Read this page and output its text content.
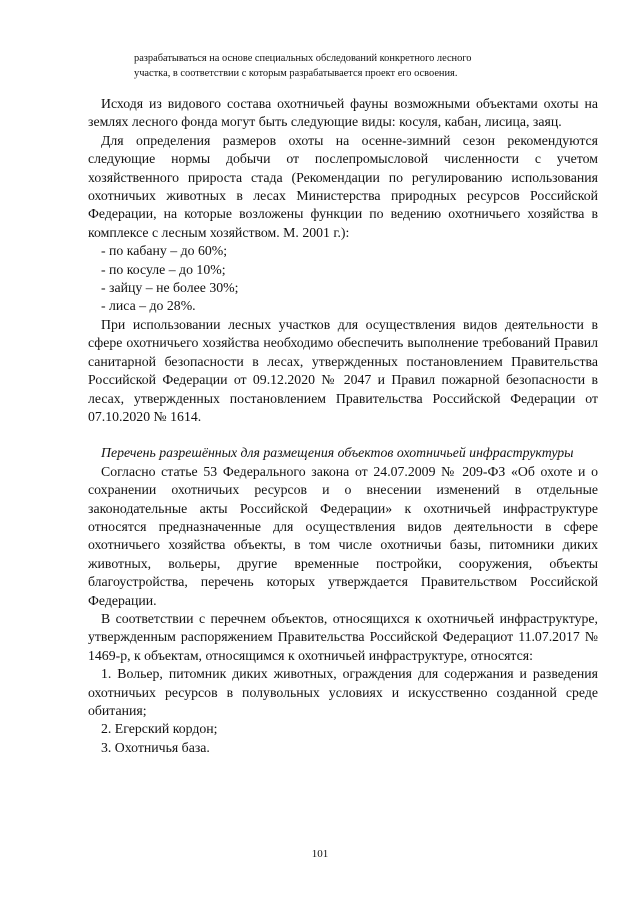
разрабатываться на основе специальных обследований конкретного лесного
участка, в соответствии с которым разрабатывается проект его освоения.

Исходя из видового состава охотничьей фауны возможными объектами охоты на землях лесного фонда могут быть следующие виды: косуля, кабан, лисица, заяц.

Для определения размеров охоты на осенне-зимний сезон рекомендуются следующие нормы добычи от послепромысловой численности с учетом хозяйственного прироста стада (Рекомендации по регулированию использования охотничьих животных в лесах Министерства природных ресурсов Российской Федерации, на которые возложены функции по ведению охотничьего хозяйства в комплексе с лесным хозяйством. М. 2001 г.):

- по кабану – до 60%;

- по косуле – до 10%;

- зайцу – не более 30%;

- лиса – до 28%.

При использовании лесных участков для осуществления видов деятельности в сфере охотничьего хозяйства необходимо обеспечить выполнение требований Правил санитарной безопасности в лесах, утвержденных постановлением Правительства Российской Федерации от 09.12.2020 № 2047 и Правил пожарной безопасности в лесах, утвержденных постановлением Правительства Российской Федерации от 07.10.2020 № 1614.

Перечень разрешённых для размещения объектов охотничьей инфраструктуры

Согласно статье 53 Федерального закона от 24.07.2009 № 209-ФЗ «Об охоте и о сохранении охотничьих ресурсов и о внесении изменений в отдельные законодательные акты Российской Федерации» к охотничьей инфраструктуре относятся предназначенные для осуществления видов деятельности в сфере охотничьего хозяйства объекты, в том числе охотничьи базы, питомники диких животных, вольеры, другие временные постройки, сооружения, объекты благоустройства, перечень которых утверждается Правительством Российской Федерации.

В соответствии с перечнем объектов, относящихся к охотничьей инфраструктуре, утвержденным распоряжением Правительства Российской Федерациот 11.07.2017 № 1469-р, к объектам, относящимся к охотничьей инфраструктуре, относятся:

1. Вольер, питомник диких животных, ограждения для содержания и разведения охотничьих ресурсов в полувольных условиях и искусственно созданной среде обитания;

2. Егерский кордон;

3. Охотничья база.

101
